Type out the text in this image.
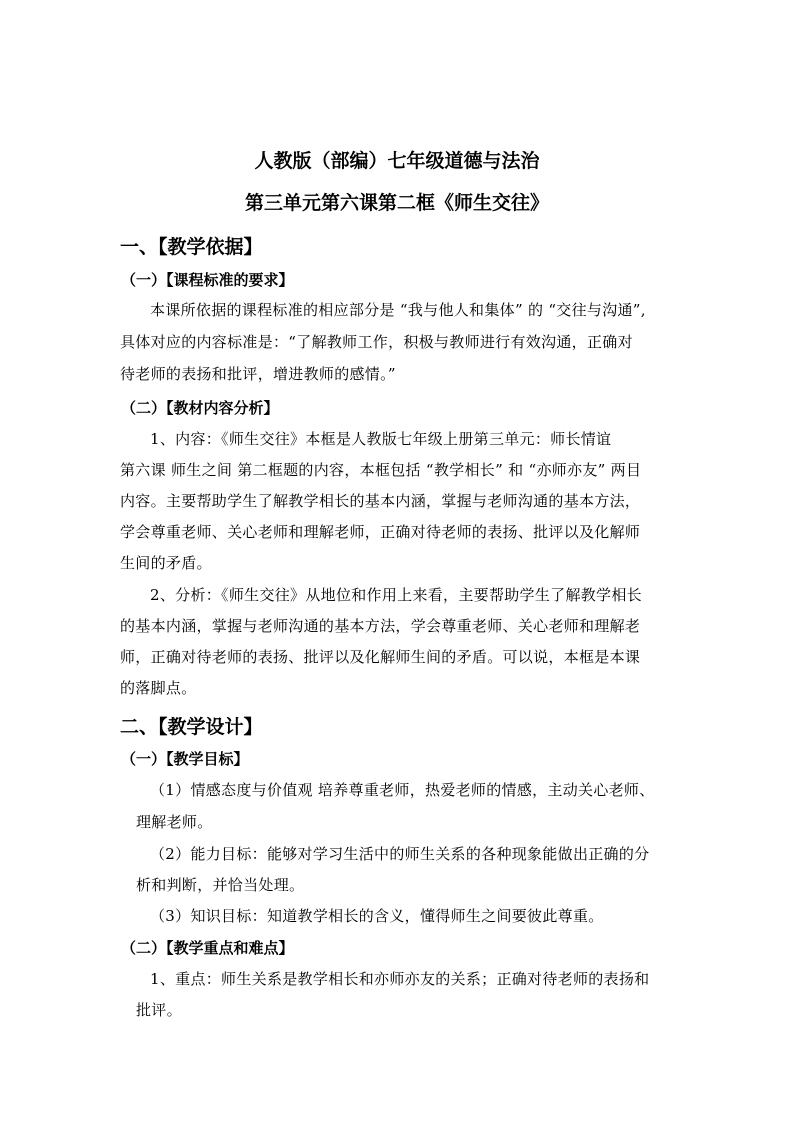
人教版（部编）七年级道德与法治
第三单元第六课第二框《师生交往》
一、【教学依据】
（一）【课程标准的要求】
本课所依据的课程标准的相应部分是 “我与他人和集体” 的 “交往与沟通”,
具体对应的内容标准是：“了解教师工作，积极与教师进行有效沟通，正确对
待老师的表扬和批评，增进教师的感情。”
（二）【教材内容分析】
1、内容：《师生交往》本框是人教版七年级上册第三单元：师长情谊
第六课 师生之间 第二框题的内容，本框包括 “教学相长” 和 “亦师亦友” 两目
内容。主要帮助学生了解教学相长的基本内涵，掌握与老师沟通的基本方法，
学会尊重老师、关心老师和理解老师，正确对待老师的表扬、批评以及化解师
生间的矛盾。
2、分析：《师生交往》从地位和作用上来看，主要帮助学生了解教学相长
的基本内涵，掌握与老师沟通的基本方法，学会尊重老师、关心老师和理解老
师，正确对待老师的表扬、批评以及化解师生间的矛盾。可以说，本框是本课
的落脚点。
二、【教学设计】
（一）【教学目标】
（1）情感态度与价值观 培养尊重老师，热爱老师的情感，主动关心老师、
理解老师。
（2）能力目标：能够对学习生活中的师生关系的各种现象能做出正确的分
析和判断，并恰当处理。
（3）知识目标：知道教学相长的含义，懂得师生之间要彼此尊重。
（二）【教学重点和难点】
1、重点：师生关系是教学相长和亦师亦友的关系；正确对待老师的表扬和
批评。
